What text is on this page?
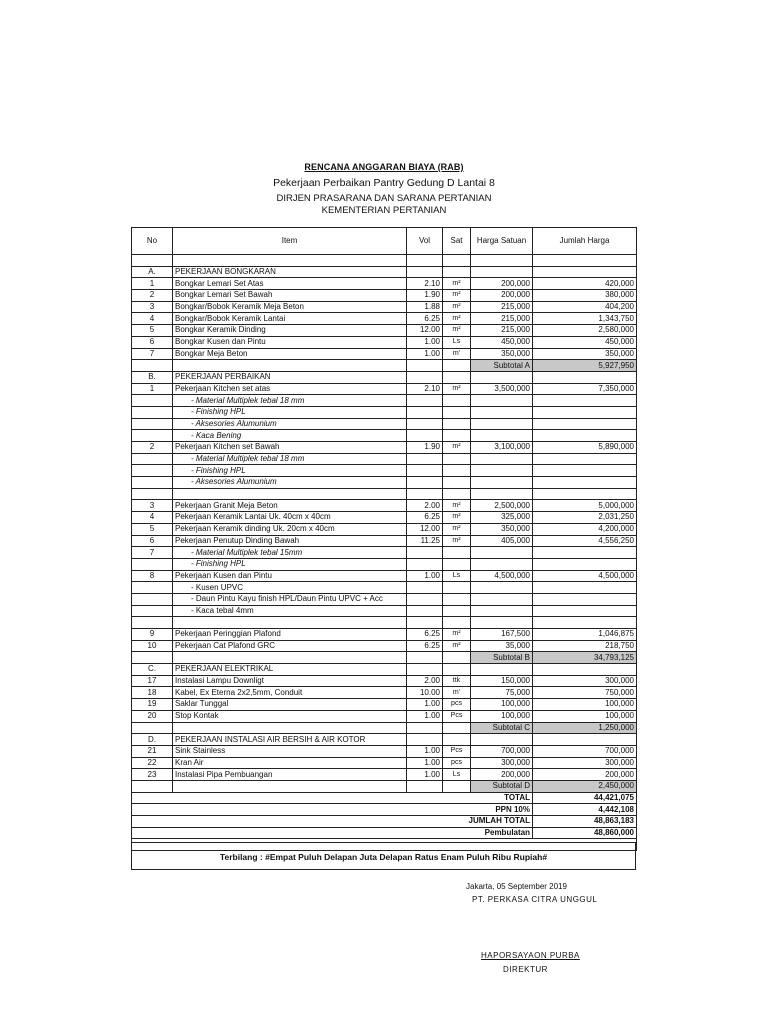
RENCANA ANGGARAN BIAYA (RAB)
Pekerjaan Perbaikan Pantry Gedung D Lantai 8
DIRJEN PRASARANA DAN SARANA PERTANIAN
KEMENTERIAN PERTANIAN
No	Item	Vol	Sat	Harga Satuan	Jumlah Harga

A.	PEKERJAAN BONGKARAN				
1	Bongkar Lemari Set Atas	2.10	m²	200,000	420,000
2	Bongkar Lemari Set Bawah	1.90	m²	200,000	380,000
3	Bongkar/Bobok Keramik Meja Beton	1.88	m²	215,000	404,200
4	Bongkar/Bobok Keramik Lantai	6.25	m²	215,000	1,343,750
5	Bongkar Keramik Dinding	12.00	m²	215,000	2,580,000
6	Bongkar Kusen dan Pintu	1.00	Ls	450,000	450,000
7	Bongkar Meja Beton	1.00	m'	350,000	350,000
				Subtotal A	5,927,950
B.	PEKERJAAN PERBAIKAN				
1	Pekerjaan Kitchen set atas	2.10	m²	3,500,000	7,350,000
	- Material Multiplek tebal 18 mm				
	- Finishing HPL				
	- Aksesories Alumunium				
	- Kaca Bening				
2	Pekerjaan Kitchen set Bawah	1.90	m²	3,100,000	5,890,000
	- Material Multiplek tebal 18 mm				
	- Finishing HPL				
	- Aksesories Alumunium				

3	Pekerjaan Granit Meja Beton	2.00	m²	2,500,000	5,000,000
4	Pekerjaan Keramik Lantai Uk. 40cm x 40cm	6.25	m²	325,000	2,031,250
5	Pekerjaan Keramik dinding Uk. 20cm x 40cm	12.00	m²	350,000	4,200,000
6	Pekerjaan Penutup Dinding Bawah	11.25	m²	405,000	4,556,250
7	- Material Multiplek tebal 15mm				
	- Finishing HPL				
8	Pekerjaan Kusen dan Pintu	1.00	Ls	4,500,000	4,500,000
	- Kusen UPVC				
	- Daun Pintu Kayu finish HPL/Daun Pintu UPVC + Acc				
	- Kaca tebal 4mm				

9	Pekerjaan Peringgian Plafond	6.25	m²	167,500	1,046,875
10	Pekerjaan Cat Plafond GRC	6.25	m²	35,000	218,750
				Subtotal B	34,793,125
C.	PEKERJAAN ELEKTRIKAL				
17	Instalasi Lampu Downligt	2.00	ttk	150,000	300,000
18	Kabel, Ex Eterna 2x2,5mm, Conduit	10.00	m'	75,000	750,000
19	Saklar Tunggal	1.00	pcs	100,000	100,000
20	Stop Kontak	1.00	Pcs	100,000	100,000
				Subtotal C	1,250,000
D.	PEKERJAAN INSTALASI AIR BERSIH & AIR KOTOR				
21	Sink Stainless	1.00	Pcs	700,000	700,000
22	Kran Air	1.00	pcs	300,000	300,000
23	Instalasi Pipa Pembuangan	1.00	Ls	200,000	200,000
				Subtotal D	2,450,000
TOTAL					44,421,075
PPN 10%					4,442,108
JUMLAH TOTAL					48,863,183
Pembulatan					48,860,000

Terbilang : #Empat Puluh Delapan Juta Delapan Ratus Enam Puluh Ribu Rupiah#
Jakarta, 05 September 2019
PT. PERKASA CITRA UNGGUL
HAPORSAYAON PURBA
DIREKTUR
